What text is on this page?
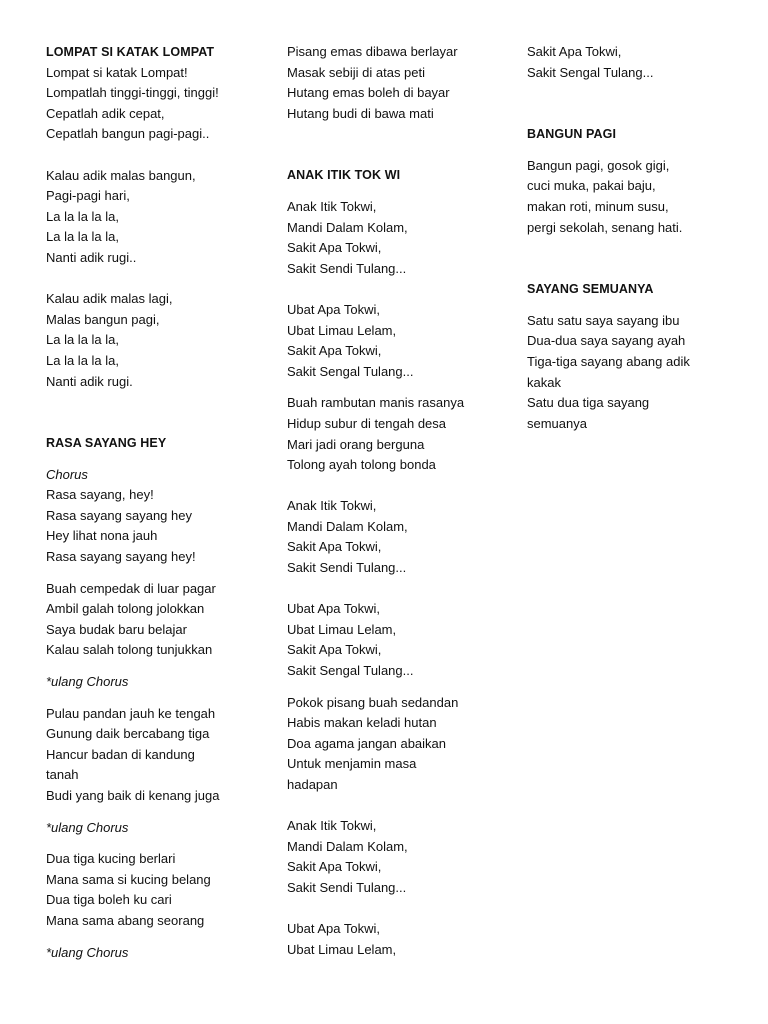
LOMPAT SI KATAK LOMPAT
Lompat si katak Lompat!
Lompatlah tinggi-tinggi, tinggi!
Cepatlah adik cepat,
Cepatlah bangun pagi-pagi..
Kalau adik malas bangun,
Pagi-pagi hari,
La la la la la,
La la la la la,
Nanti adik rugi..
Kalau adik malas lagi,
Malas bangun pagi,
La la la la la,
La la la la la,
Nanti adik rugi.
RASA SAYANG HEY
Chorus
Rasa sayang, hey!
Rasa sayang sayang hey
Hey lihat nona jauh
Rasa sayang sayang hey!
Buah cempedak di luar pagar
Ambil galah tolong jolokkan
Saya budak baru belajar
Kalau salah tolong tunjukkan
*ulang Chorus
Pulau pandan jauh ke tengah
Gunung daik bercabang tiga
Hancur badan di kandung
tanah
Budi yang baik di kenang juga
*ulang Chorus
Dua tiga kucing berlari
Mana sama si kucing belang
Dua tiga boleh ku cari
Mana sama abang seorang
*ulang Chorus
Pisang emas dibawa berlayar
Masak sebiji di atas peti
Hutang emas boleh di bayar
Hutang budi di bawa mati
ANAK ITIK TOK WI
Anak Itik Tokwi,
Mandi Dalam Kolam,
Sakit Apa Tokwi,
Sakit Sendi Tulang...
Ubat Apa Tokwi,
Ubat Limau Lelam,
Sakit Apa Tokwi,
Sakit Sengal Tulang...
Buah rambutan manis rasanya
Hidup subur di tengah desa
Mari jadi orang berguna
Tolong ayah tolong bonda
Anak Itik Tokwi,
Mandi Dalam Kolam,
Sakit Apa Tokwi,
Sakit Sendi Tulang...
Ubat Apa Tokwi,
Ubat Limau Lelam,
Sakit Apa Tokwi,
Sakit Sengal Tulang...
Pokok pisang buah sedandan
Habis makan keladi hutan
Doa agama jangan abaikan
Untuk menjamin masa
hadapan
Anak Itik Tokwi,
Mandi Dalam Kolam,
Sakit Apa Tokwi,
Sakit Sendi Tulang...
Ubat Apa Tokwi,
Ubat Limau Lelam,
Sakit Apa Tokwi,
Sakit Sengal Tulang...
BANGUN PAGI
Bangun pagi, gosok gigi,
cuci muka, pakai baju,
makan roti, minum susu,
pergi sekolah, senang hati.
SAYANG SEMUANYA
Satu satu saya sayang ibu
Dua-dua saya sayang ayah
Tiga-tiga sayang abang adik
kakak
Satu dua tiga sayang
semuanya
